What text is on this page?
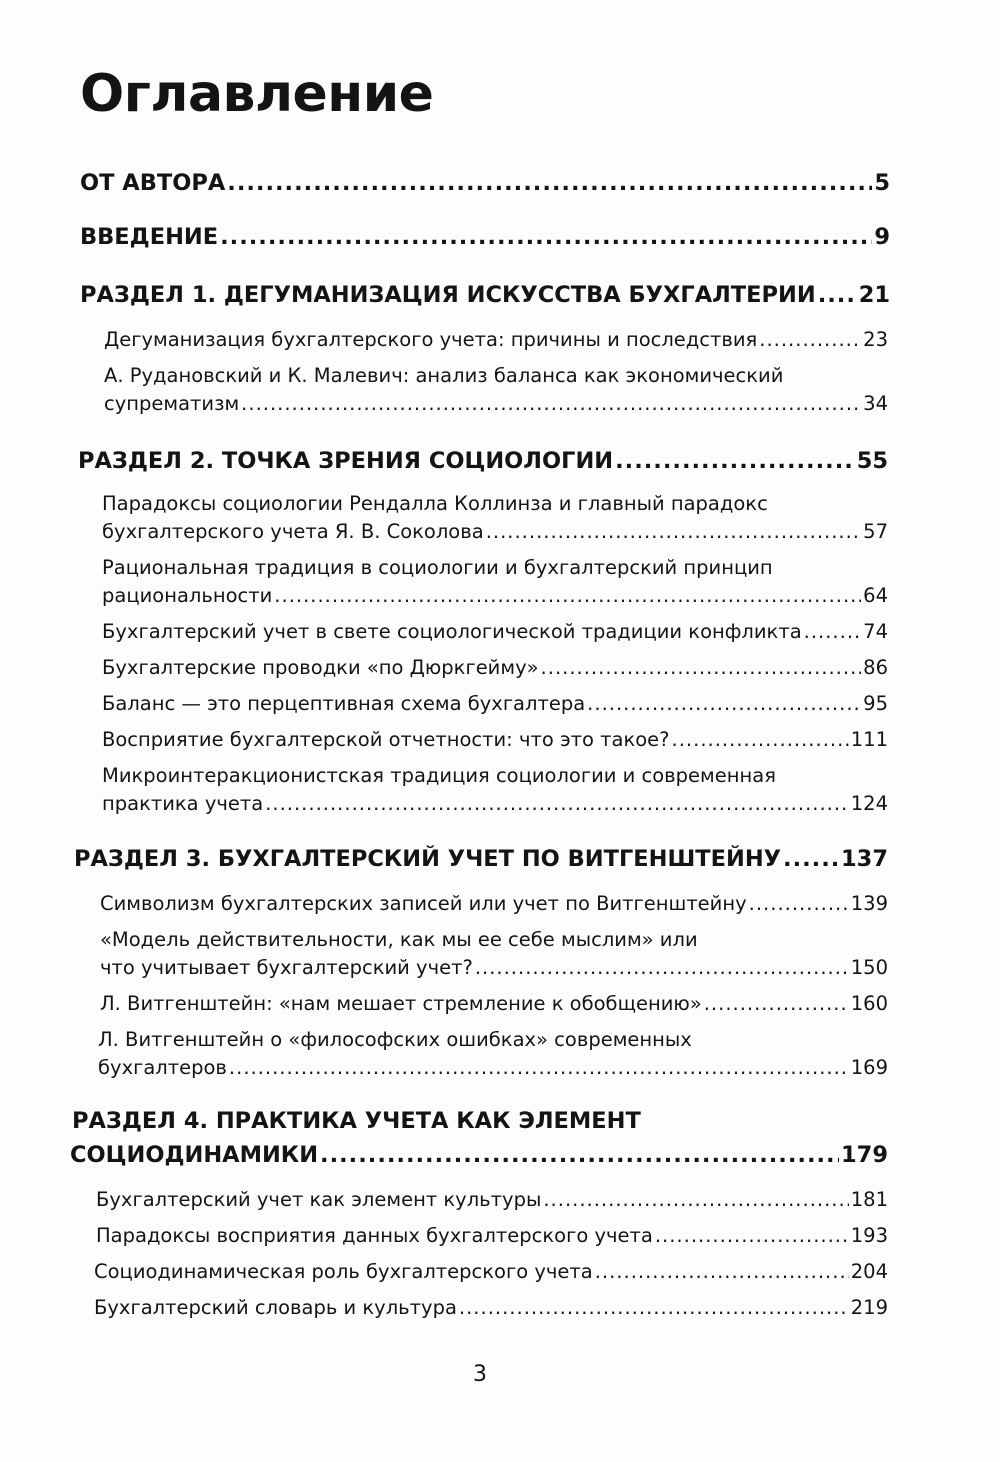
Оглавление
ОТ АВТОРА .....	5
ВВЕДЕНИЕ .....	9
РАЗДЕЛ 1. ДЕГУМАНИЗАЦИЯ ИСКУССТВА БУХГАЛТЕРИИ ..... 21
Дегуманизация бухгалтерского учета: причины и последствия .....	23
А. Рудановский и К. Малевич: анализ баланса как экономический
супрематизм .....	34
РАЗДЕЛ 2. ТОЧКА ЗРЕНИЯ СОЦИОЛОГИИ .....	55
Парадоксы социологии Рендалла Коллинза и главный парадокс
бухгалтерского учета Я. В. Соколова .....	57
Рациональная традиция в социологии и бухгалтерский принцип
рациональности .....	64
Бухгалтерский учет в свете социологической традиции конфликта .....	74
Бухгалтерские проводки «по Дюркгейму» .....	86
Баланс — это перцептивная схема бухгалтера .....	95
Восприятие бухгалтерской отчетности: что это такое? .....	111
Микроинтеракционистская традиция социологии и современная
практика учета .....	124
РАЗДЕЛ 3. БУХГАЛТЕРСКИЙ УЧЕТ ПО ВИТГЕНШТЕЙНУ .....	137
Символизм бухгалтерских записей или учет по Витгенштейну .....	139
«Модель действительности, как мы ее себе мыслим» или
что учитывает бухгалтерский учет? .....	150
Л. Витгенштейн: «нам мешает стремление к обобщению» .....	160
Л. Витгенштейн о «философских ошибках» современных
бухгалтеров .....	169
РАЗДЕЛ 4. ПРАКТИКА УЧЕТА КАК ЭЛЕМЕНТ
СОЦИОДИНАМИКИ .....	179
Бухгалтерский учет как элемент культуры .....	181
Парадоксы восприятия данных бухгалтерского учета .....	193
Социодинамическая роль бухгалтерского учета .....	204
Бухгалтерский словарь и культура .....	219
3
